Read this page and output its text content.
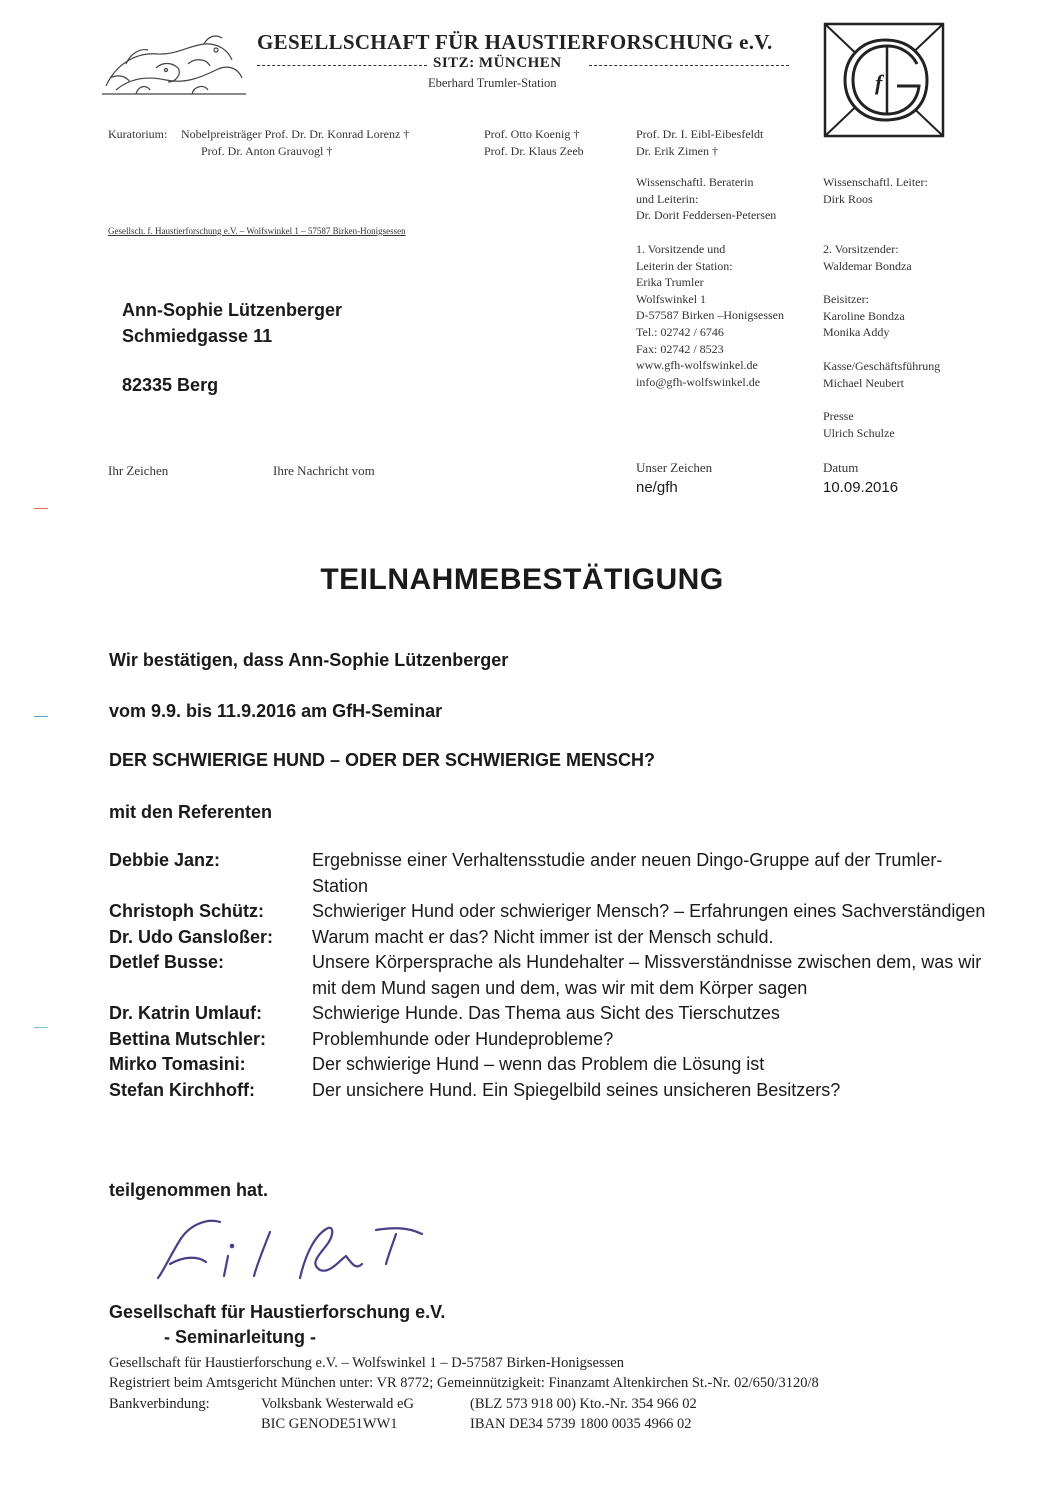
GESELLSCHAFT FÜR HAUSTIERFORSCHUNG e.V.
SITZ: MÜNCHEN
Eberhard Trumler-Station	f
Kuratorium: Nobelpreisträger Prof. Dr. Dr. Konrad Lorenz †
Prof. Dr. Anton Grauvogl †
Prof. Otto Koenig †
Prof. Dr. Klaus Zeeb
Prof. Dr. I. Eibl-Eibesfeldt
Dr. Erik Zimen †
Wissenschaftl. Beraterin
und Leiterin:
Dr. Dorit Feddersen-Petersen
Wissenschaftl. Leiter:
Dirk Roos
Gesellsch. f. Haustierforschung e.V. – Wolfswinkel 1 – 57587 Birken-Honigsessen
1. Vorsitzende und
Leiterin der Station:
Erika Trumler
Wolfswinkel 1
D-57587 Birken –Honigsessen
Tel.: 02742 / 6746
Fax: 02742 / 8523
www.gfh-wolfswinkel.de
info@gfh-wolfswinkel.de
2. Vorsitzender:
Waldemar Bondza
Beisitzer:
Karoline Bondza
Monika Addy
Kasse/Geschäftsführung
Michael Neubert
Presse
Ulrich Schulze
Ann-Sophie Lützenberger
Schmiedgasse 11
82335 Berg
Ihr Zeichen	Ihre Nachricht vom	Unser Zeichen
ne/gfh
Datum
10.09.2016
TEILNAHMEBESTÄTIGUNG
Wir bestätigen, dass Ann-Sophie Lützenberger
vom 9.9. bis 11.9.2016 am GfH-Seminar
DER SCHWIERIGE HUND – ODER DER SCHWIERIGE MENSCH?
mit den Referenten
Debbie Janz:	Ergebnisse einer Verhaltensstudie ander neuen Dingo-Gruppe auf der Trumler-Station
Christoph Schütz:	Schwieriger Hund oder schwieriger Mensch? – Erfahrungen eines Sachverständigen
Dr. Udo Gansloßer:	Warum macht er das? Nicht immer ist der Mensch schuld.
Detlef Busse:	Unsere Körpersprache als Hundehalter – Missverständnisse zwischen dem, was wir mit dem Mund sagen und dem, was wir mit dem Körper sagen
Dr. Katrin Umlauf:	Schwierige Hunde. Das Thema aus Sicht des Tierschutzes
Bettina Mutschler:	Problemhunde oder Hundeprobleme?
Mirko Tomasini:	Der schwierige Hund – wenn das Problem die Lösung ist
Stefan Kirchhoff:	Der unsichere Hund. Ein Spiegelbild seines unsicheren Besitzers?
teilgenommen hat.
Gesellschaft für Haustierforschung e.V.
- Seminarleitung -
Gesellschaft für Haustierforschung e.V. – Wolfswinkel 1 – D-57587 Birken-Honigsessen
Registriert beim Amtsgericht München unter: VR 8772; Gemeinnützigkeit: Finanzamt Altenkirchen St.-Nr. 02/650/3120/8
Bankverbindung:	Volksbank Westerwald eG	(BLZ 573 918 00) Kto.-Nr. 354 966 02
BIC GENODE51WW1	IBAN DE34 5739 1800 0035 4966 02
